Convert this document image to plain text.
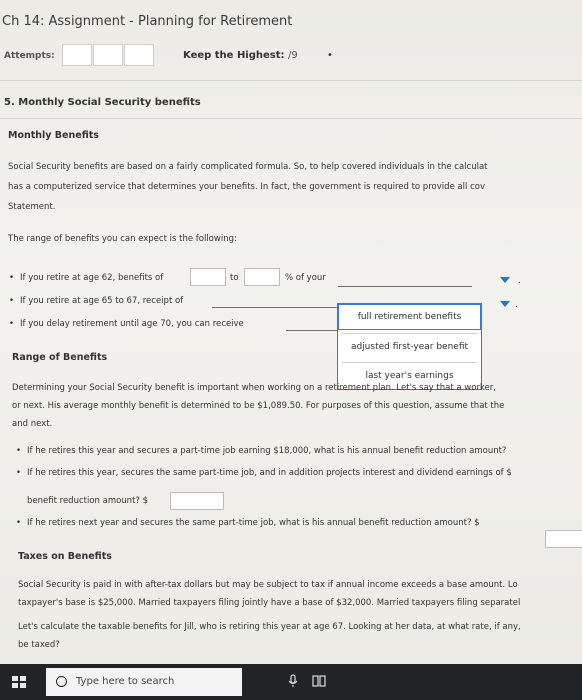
Ch 14: Assignment - Planning for Retirement
Attempts:	Keep the Highest: /9	•
5. Monthly Social Security benefits
Monthly Benefits
Social Security benefits are based on a fairly complicated formula. So, to help covered individuals in the calculat
has a computerized service that determines your benefits. In fact, the government is required to provide all cov
Statement.
The range of benefits you can expect is the following:
• If you retire at age 62, benefits of	to	% of your	.
• If you retire at age 65 to 67, receipt of	.
• If you delay retirement until age 70, you can receive
full retirement benefits
adjusted first-year benefit
last year's earnings
Range of Benefits
Determining your Social Security benefit is important when working on a retirement plan. Let's say that a worker,
or next. His average monthly benefit is determined to be $1,089.50. For purposes of this question, assume that the
and next.
• If he retires this year and secures a part-time job earning $18,000, what is his annual benefit reduction amount?
• If he retires this year, secures the same part-time job, and in addition projects interest and dividend earnings of $
benefit reduction amount? $
• If he retires next year and secures the same part-time job, what is his annual benefit reduction amount? $
Taxes on Benefits
Social Security is paid in with after-tax dollars but may be subject to tax if annual income exceeds a base amount. Lo
taxpayer's base is $25,000. Married taxpayers filing jointly have a base of $32,000. Married taxpayers filing separatel
Let's calculate the taxable benefits for Jill, who is retiring this year at age 67. Looking at her data, at what rate, if any,
be taxed?
Type here to search
